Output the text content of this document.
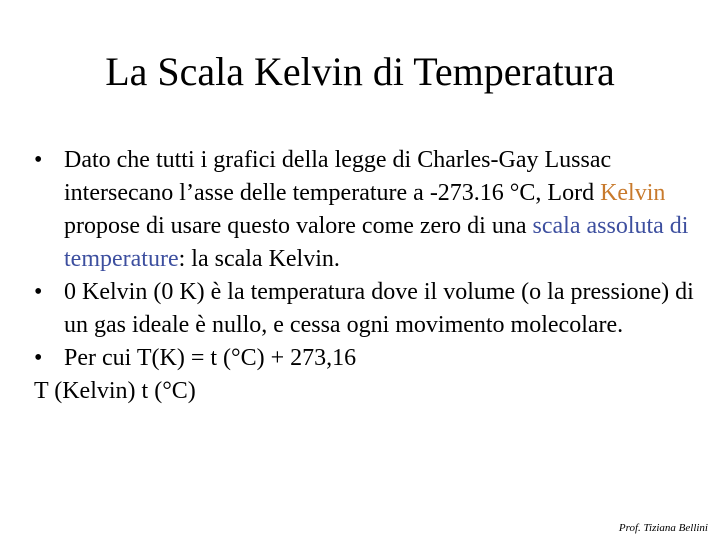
La Scala Kelvin di Temperatura

• Dato che tutti i grafici della legge di Charles-Gay Lussac intersecano l’asse delle temperature a -273.16 °C, Lord Kelvin propose di usare questo valore come zero di una scala assoluta di temperature: la scala Kelvin.

• 0 Kelvin (0 K) è la temperatura dove il volume (o la pressione) di un gas ideale è nullo, e cessa ogni movimento molecolare.

• Per cui T(K) = t (°C) + 273,16

T (Kelvin) t (°C)

Prof. Tiziana Bellini
